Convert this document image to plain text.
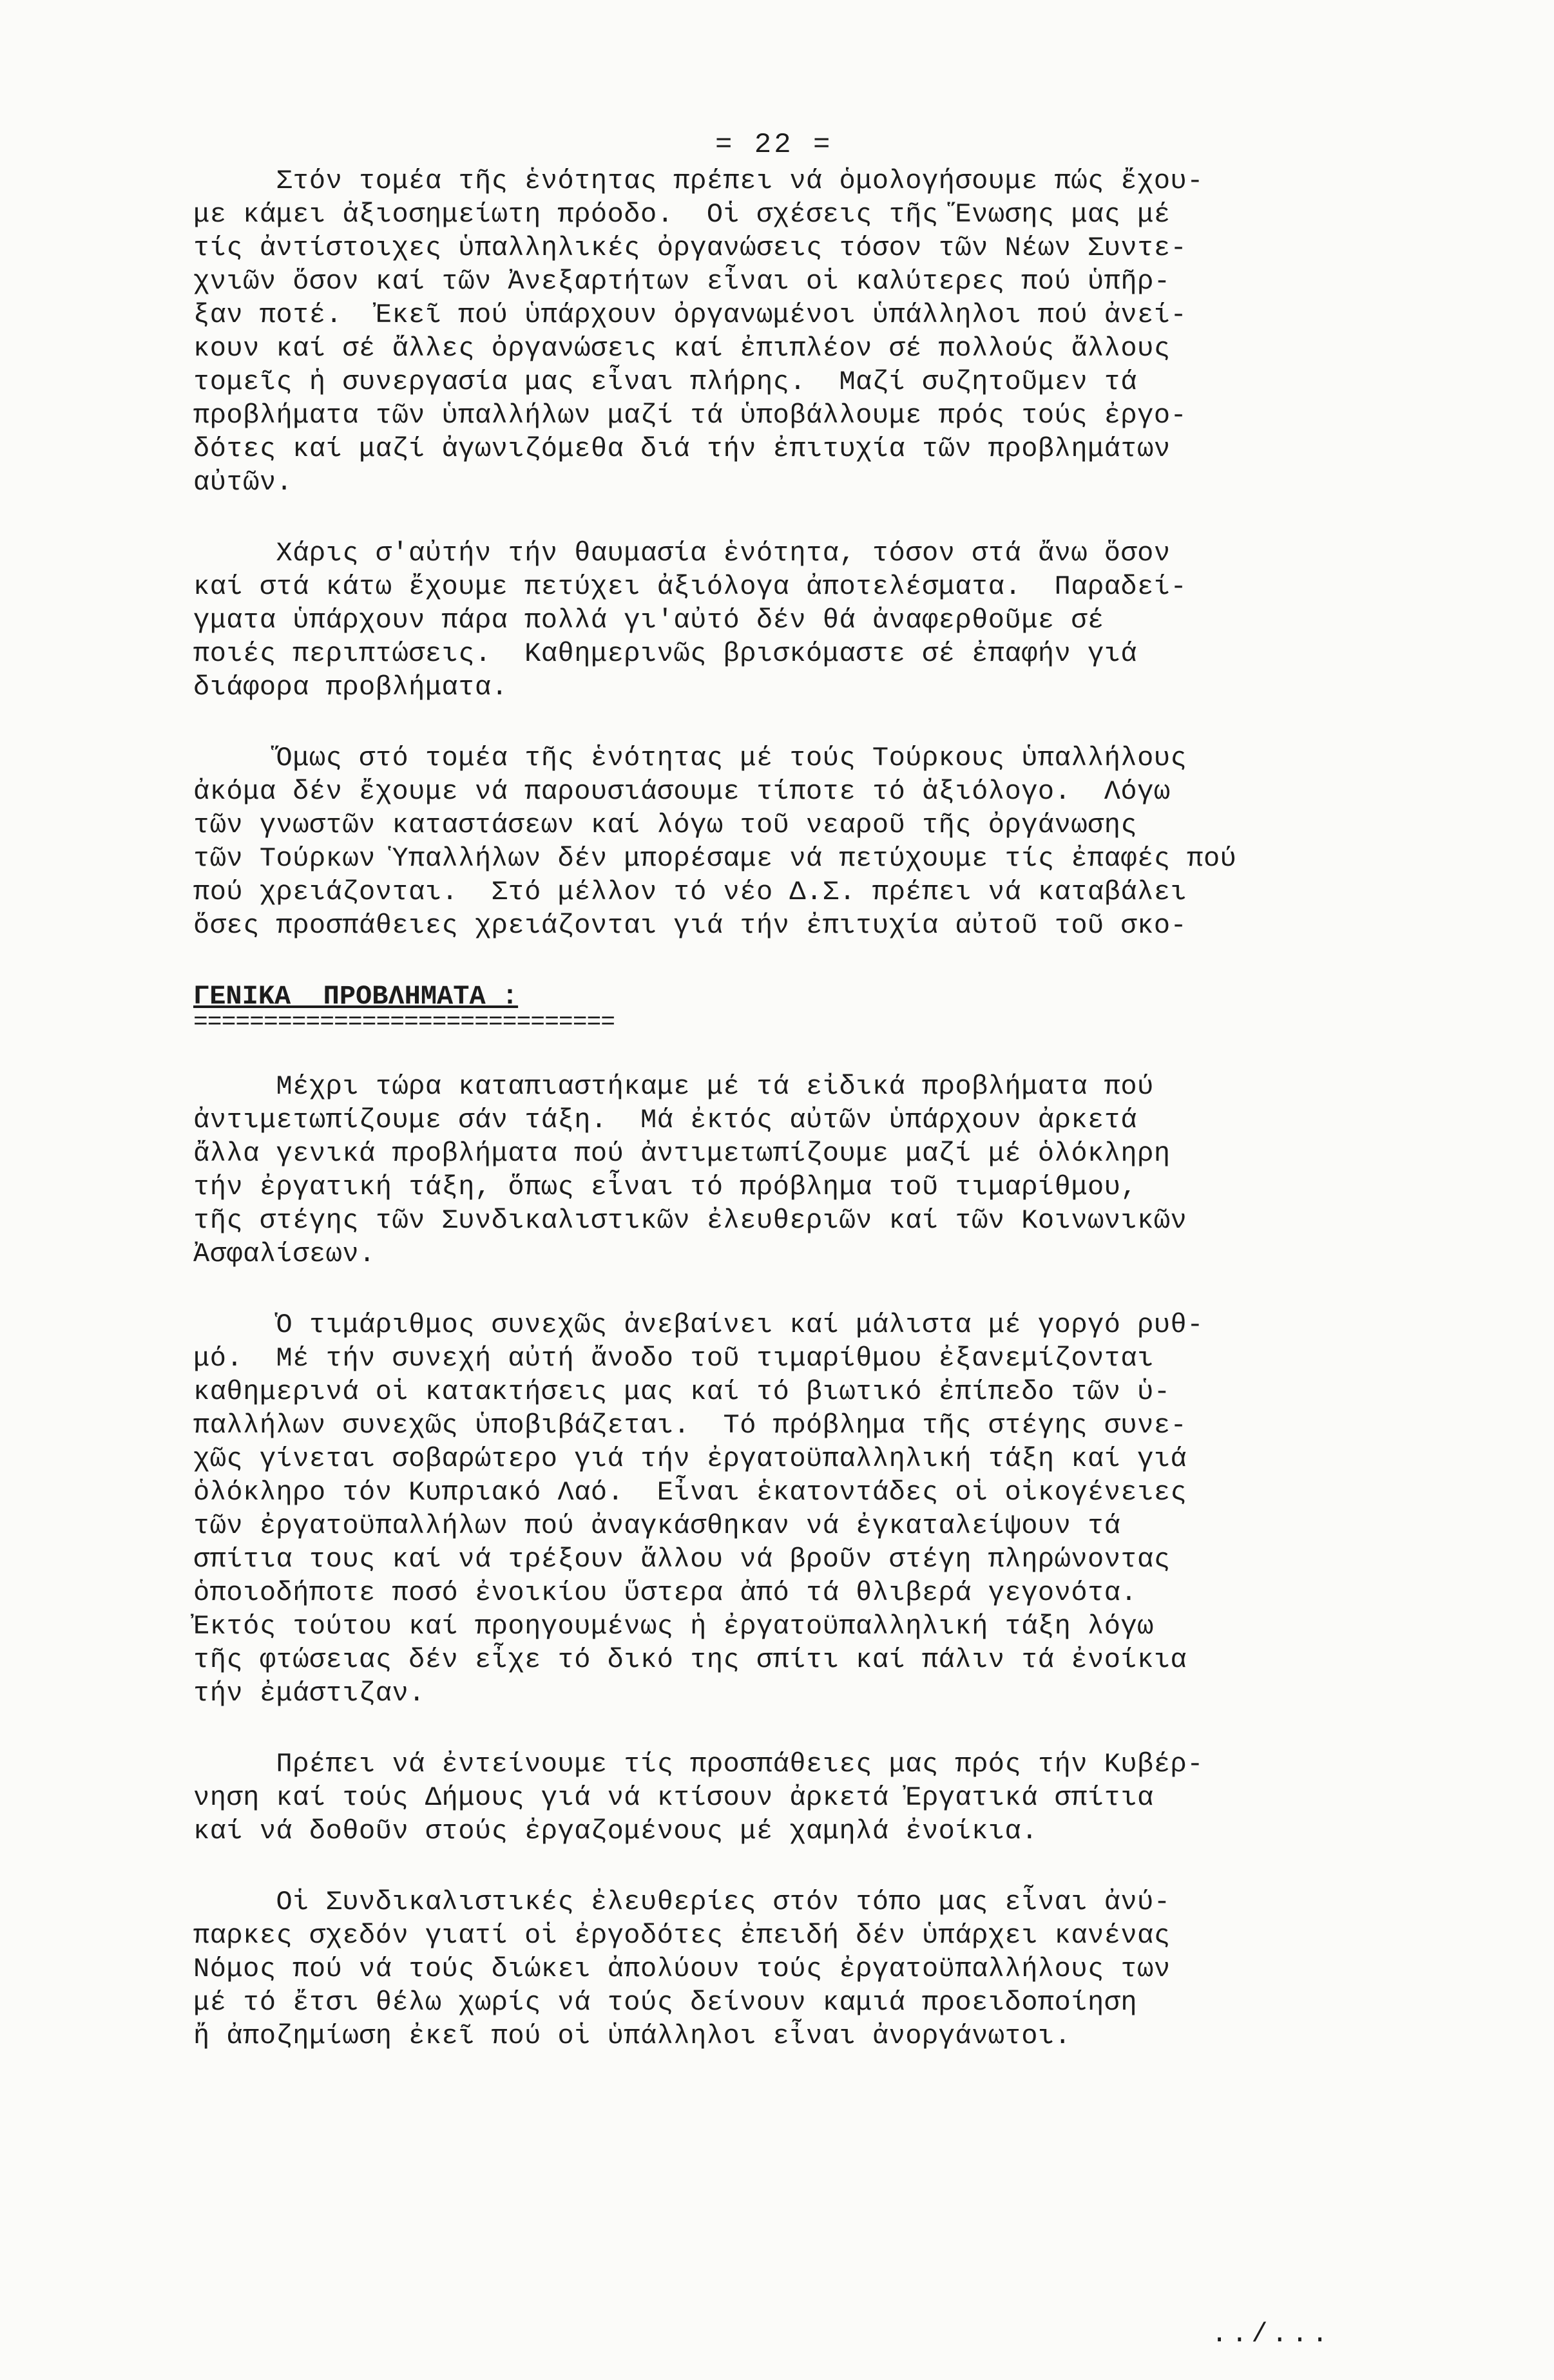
= 22 =
Στόν τομέα τῆς ἑνότητας πρέπει νά ὁμολογήσουμε πώς ἔχου-
με κάμει ἀξιοσημείωτη πρόοδο.  Οἱ σχέσεις τῆς Ἕνωσης μας μέ
τίς ἀντίστοιχες ὑπαλληλικές ὀργανώσεις τόσον τῶν Νέων Συντε-
χνιῶν ὅσον καί τῶν Ἀνεξαρτήτων εἶναι οἱ καλύτερες πού ὑπῆρ-
ξαν ποτέ.  Ἐκεῖ πού ὑπάρχουν ὀργανωμένοι ὑπάλληλοι πού ἀνεί-
κουν καί σέ ἄλλες ὀργανώσεις καί ἐπιπλέον σέ πολλούς ἄλλους
τομεῖς ἡ συνεργασία μας εἶναι πλήρης.  Μαζί συζητοῦμεν τά
προβλήματα τῶν ὑπαλλήλων μαζί τά ὑποβάλλουμε πρός τούς ἐργο-
δότες καί μαζί ἀγωνιζόμεθα διά τήν ἐπιτυχία τῶν προβλημάτων
αὐτῶν.
Χάρις σ'αὐτήν τήν θαυμασία ἑνότητα, τόσον στά ἄνω ὅσον
καί στά κάτω ἔχουμε πετύχει ἀξιόλογα ἀποτελέσματα.  Παραδεί-
γματα ὑπάρχουν πάρα πολλά γι'αὐτό δέν θά ἀναφερθοῦμε σέ
ποιές περιπτώσεις.  Καθημερινῶς βρισκόμαστε σέ ἐπαφήν γιά
διάφορα προβλήματα.
Ὅμως στό τομέα τῆς ἑνότητας μέ τούς Τούρκους ὑπαλλήλους
ἀκόμα δέν ἔχουμε νά παρουσιάσουμε τίποτε τό ἀξιόλογο.  Λόγω
τῶν γνωστῶν καταστάσεων καί λόγω τοῦ νεαροῦ τῆς ὀργάνωσης
τῶν Τούρκων Ὑπαλλήλων δέν μπορέσαμε νά πετύχουμε τίς ἐπαφές πού
πού χρειάζονται.  Στό μέλλον τό νέο Δ.Σ. πρέπει νά καταβάλει
ὅσες προσπάθειες χρειάζονται γιά τήν ἐπιτυχία αὐτοῦ τοῦ σκο-
ΓΕΝΙΚΑ  ΠΡΟΒΛΗΜΑΤΑ :
==============================
Μέχρι τώρα καταπιαστήκαμε μέ τά εἰδικά προβλήματα πού
ἀντιμετωπίζουμε σάν τάξη.  Μά ἐκτός αὐτῶν ὑπάρχουν ἀρκετά
ἄλλα γενικά προβλήματα πού ἀντιμετωπίζουμε μαζί μέ ὁλόκληρη
τήν ἐργατική τάξη, ὅπως εἶναι τό πρόβλημα τοῦ τιμαρίθμου,
τῆς στέγης τῶν Συνδικαλιστικῶν ἐλευθεριῶν καί τῶν Κοινωνικῶν
Ἀσφαλίσεων.
Ὁ τιμάριθμος συνεχῶς ἀνεβαίνει καί μάλιστα μέ γοργό ρυθ-
μό.  Μέ τήν συνεχή αὐτή ἄνοδο τοῦ τιμαρίθμου ἐξανεμίζονται
καθημερινά οἱ κατακτήσεις μας καί τό βιωτικό ἐπίπεδο τῶν ὑ-
παλλήλων συνεχῶς ὑποβιβάζεται.  Τό πρόβλημα τῆς στέγης συνε-
χῶς γίνεται σοβαρώτερο γιά τήν ἐργατοϋπαλληλική τάξη καί γιά
ὁλόκληρο τόν Κυπριακό Λαό.  Εἶναι ἑκατοντάδες οἱ οἰκογένειες
τῶν ἐργατοϋπαλλήλων πού ἀναγκάσθηκαν νά ἐγκαταλείψουν τά
σπίτια τους καί νά τρέξουν ἄλλου νά βροῦν στέγη πληρώνοντας
ὁποιοδήποτε ποσό ἐνοικίου ὕστερα ἀπό τά θλιβερά γεγονότα.
Ἐκτός τούτου καί προηγουμένως ἡ ἐργατοϋπαλληλική τάξη λόγω
τῆς φτώσειας δέν εἶχε τό δικό της σπίτι καί πάλιν τά ἐνοίκια
τήν ἐμάστιζαν.
Πρέπει νά ἐντείνουμε τίς προσπάθειες μας πρός τήν Κυβέρ-
νηση καί τούς Δήμους γιά νά κτίσουν ἀρκετά Ἐργατικά σπίτια
καί νά δοθοῦν στούς ἐργαζομένους μέ χαμηλά ἐνοίκια.
Οἱ Συνδικαλιστικές ἐλευθερίες στόν τόπο μας εἶναι ἀνύ-
παρκες σχεδόν γιατί οἱ ἐργοδότες ἐπειδή δέν ὑπάρχει κανένας
Νόμος πού νά τούς διώκει ἀπολύουν τούς ἐργατοϋπαλλήλους των
μέ τό ἔτσι θέλω χωρίς νά τούς δείνουν καμιά προειδοποίηση
ἤ ἀποζημίωση ἐκεῖ πού οἱ ὑπάλληλοι εἶναι ἀνοργάνωτοι.
../...
